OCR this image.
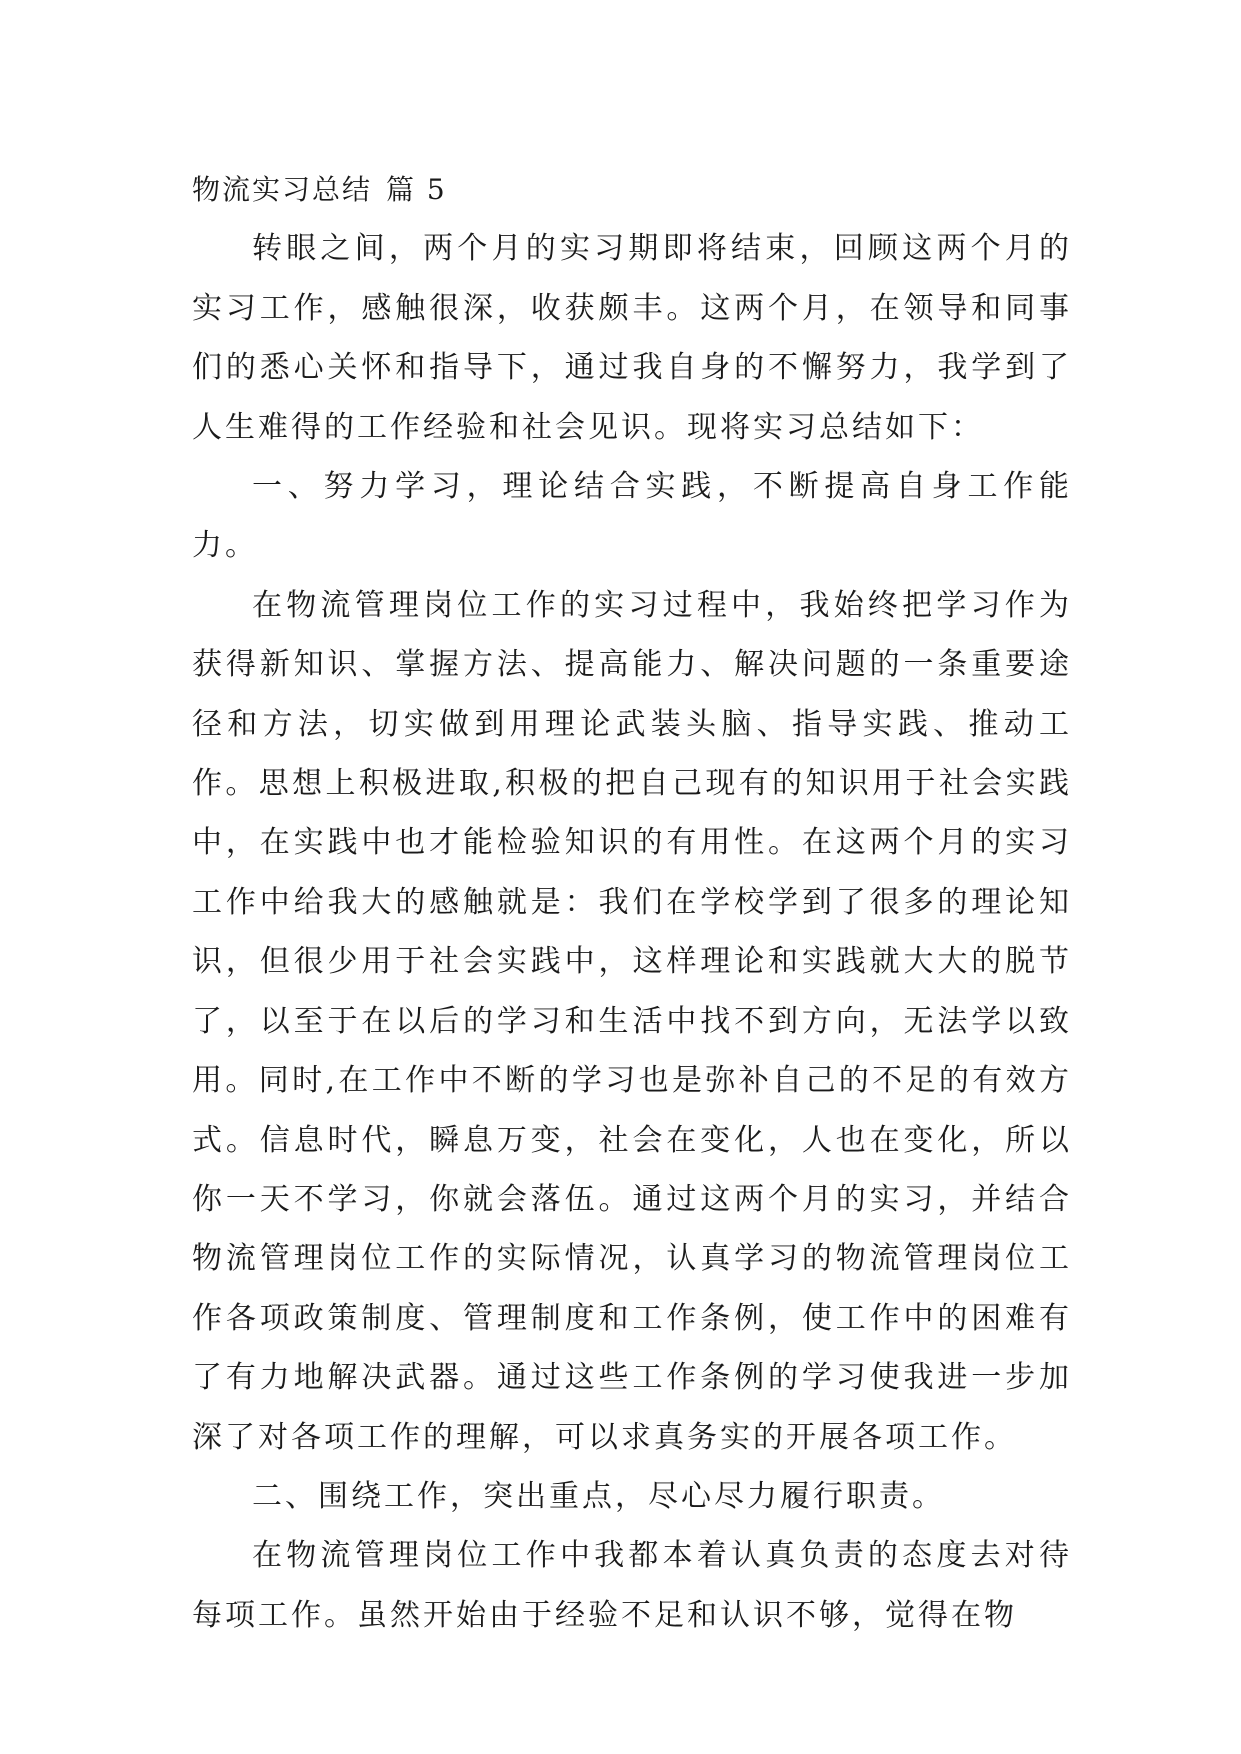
物流实习总结 篇 5

转眼之间，两个月的实习期即将结束，回顾这两个月的实习工作，感触很深，收获颇丰。这两个月，在领导和同事们的悉心关怀和指导下，通过我自身的不懈努力，我学到了人生难得的工作经验和社会见识。现将实习总结如下：

一、努力学习，理论结合实践，不断提高自身工作能力。

在物流管理岗位工作的实习过程中，我始终把学习作为获得新知识、掌握方法、提高能力、解决问题的一条重要途径和方法，切实做到用理论武装头脑、指导实践、推动工作。思想上积极进取,积极的把自己现有的知识用于社会实践中，在实践中也才能检验知识的有用性。在这两个月的实习工作中给我大的感触就是：我们在学校学到了很多的理论知识，但很少用于社会实践中，这样理论和实践就大大的脱节了，以至于在以后的学习和生活中找不到方向，无法学以致用。同时,在工作中不断的学习也是弥补自己的不足的有效方式。信息时代，瞬息万变，社会在变化，人也在变化，所以你一天不学习，你就会落伍。通过这两个月的实习，并结合物流管理岗位工作的实际情况，认真学习的物流管理岗位工作各项政策制度、管理制度和工作条例，使工作中的困难有了有力地解决武器。通过这些工作条例的学习使我进一步加深了对各项工作的理解，可以求真务实的开展各项工作。

二、围绕工作，突出重点，尽心尽力履行职责。

在物流管理岗位工作中我都本着认真负责的态度去对待每项工作。虽然开始由于经验不足和认识不够，觉得在物
